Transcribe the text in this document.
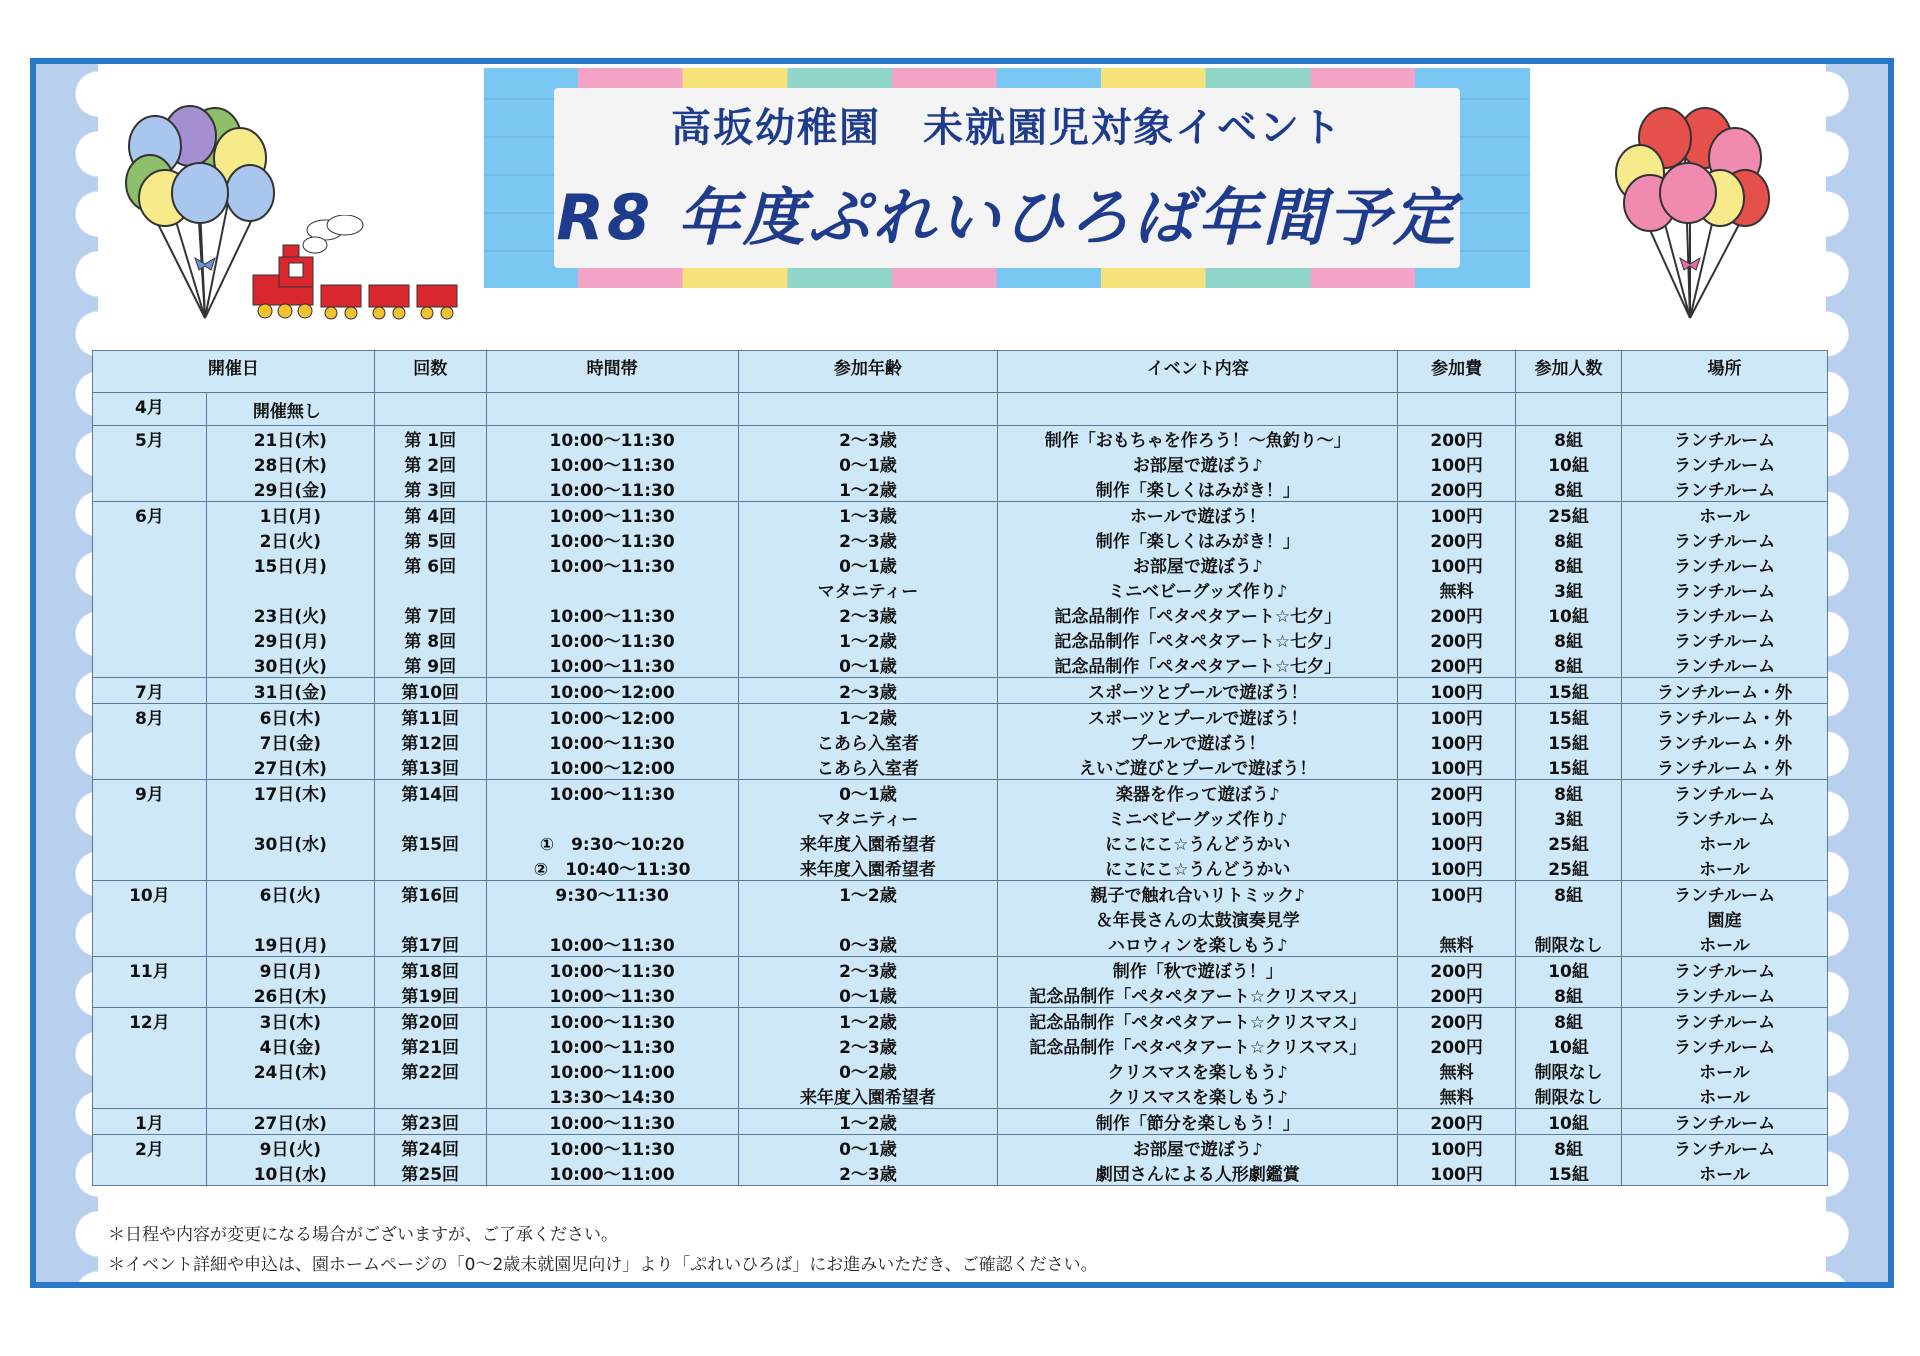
高坂幼稚園　未就園児対象イベント
R8 年度ぷれいひろば年間予定
開催日		回数	時間帯	参加年齢	イベント内容	参加費	参加人数	場所
4月	開催無し							
5月	21日(木)	第 1回	10:00～11:30	2～3歳	制作「おもちゃを作ろう！～魚釣り～」	200円	8組	ランチルーム
	28日(木)	第 2回	10:00～11:30	0～1歳	お部屋で遊ぼう♪	100円	10組	ランチルーム
	29日(金)	第 3回	10:00～11:30	1～2歳	制作「楽しくはみがき！」	200円	8組	ランチルーム
6月	1日(月)	第 4回	10:00～11:30	1～3歳	ホールで遊ぼう！	100円	25組	ホール
	2日(火)	第 5回	10:00～11:30	2～3歳	制作「楽しくはみがき！」	200円	8組	ランチルーム
	15日(月)	第 6回	10:00～11:30	0～1歳	お部屋で遊ぼう♪	100円	8組	ランチルーム
				マタニティー	ミニベビーグッズ作り♪	無料	3組	ランチルーム
	23日(火)	第 7回	10:00～11:30	2～3歳	記念品制作「ペタペタアート☆七夕」	200円	10組	ランチルーム
	29日(月)	第 8回	10:00～11:30	1～2歳	記念品制作「ペタペタアート☆七夕」	200円	8組	ランチルーム
	30日(火)	第 9回	10:00～11:30	0～1歳	記念品制作「ペタペタアート☆七夕」	200円	8組	ランチルーム
7月	31日(金)	第10回	10:00～12:00	2～3歳	スポーツとプールで遊ぼう！	100円	15組	ランチルーム・外
8月	6日(木)	第11回	10:00～12:00	1～2歳	スポーツとプールで遊ぼう！	100円	15組	ランチルーム・外
	7日(金)	第12回	10:00～11:30	こあら入室者	プールで遊ぼう！	100円	15組	ランチルーム・外
	27日(木)	第13回	10:00～12:00	こあら入室者	えいご遊びとプールで遊ぼう！	100円	15組	ランチルーム・外
9月	17日(木)	第14回	10:00～11:30	0～1歳	楽器を作って遊ぼう♪	200円	8組	ランチルーム
				マタニティー	ミニベビーグッズ作り♪	100円	3組	ランチルーム
	30日(水)	第15回	①　9:30～10:20	来年度入園希望者	にこにこ☆うんどうかい	100円	25組	ホール
			②　10:40～11:30	来年度入園希望者	にこにこ☆うんどうかい	100円	25組	ホール
10月	6日(火)	第16回	9:30～11:30	1～2歳	親子で触れ合いリトミック♪	100円	8組	ランチルーム
					＆年長さんの太鼓演奏見学			園庭
	19日(月)	第17回	10:00～11:30	0～3歳	ハロウィンを楽しもう♪	無料	制限なし	ホール
11月	9日(月)	第18回	10:00～11:30	2～3歳	制作「秋で遊ぼう！」	200円	10組	ランチルーム
	26日(木)	第19回	10:00～11:30	0～1歳	記念品制作「ペタペタアート☆クリスマス」	200円	8組	ランチルーム
12月	3日(木)	第20回	10:00～11:30	1～2歳	記念品制作「ペタペタアート☆クリスマス」	200円	8組	ランチルーム
	4日(金)	第21回	10:00～11:30	2～3歳	記念品制作「ペタペタアート☆クリスマス」	200円	10組	ランチルーム
	24日(木)	第22回	10:00～11:00	0～2歳	クリスマスを楽しもう♪	無料	制限なし	ホール
			13:30～14:30	来年度入園希望者	クリスマスを楽しもう♪	無料	制限なし	ホール
1月	27日(水)	第23回	10:00～11:30	1～2歳	制作「節分を楽しもう！」	200円	10組	ランチルーム
2月	9日(火)	第24回	10:00～11:30	0～1歳	お部屋で遊ぼう♪	100円	8組	ランチルーム
	10日(水)	第25回	10:00～11:00	2～3歳	劇団さんによる人形劇鑑賞	100円	15組	ホール
＊日程や内容が変更になる場合がございますが、ご了承ください。
＊イベント詳細や申込は、園ホームページの「0～2歳未就園児向け」より「ぷれいひろば」にお進みいただき、ご確認ください。
